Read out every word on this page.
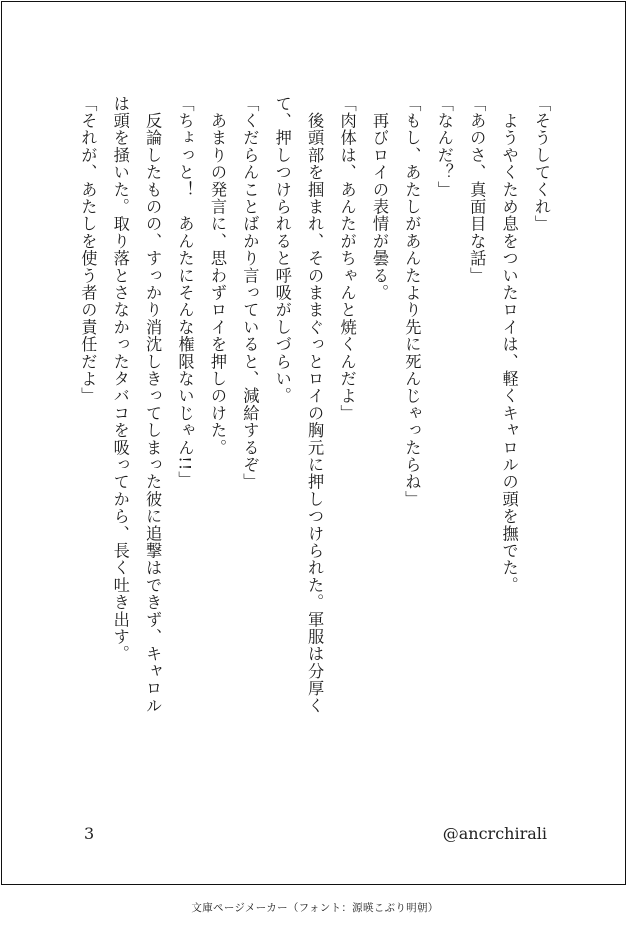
「そうしてくれ」
　ようやくため息をついたロイは、軽くキャロルの頭を撫でた。
「あのさ、真面目な話」
「なんだ？」
「もし、あたしがあんたより先に死んじゃったらね」
　再びロイの表情が曇る。
「肉体は、あんたがちゃんと焼くんだよ」
　後頭部を掴まれ、そのままぐっとロイの胸元に押しつけられた。軍服は分厚く
て、押しつけられると呼吸がしづらい。
「くだらんことばかり言っていると、減給するぞ」
　あまりの発言に、思わずロイを押しのけた。
「ちょっと！　あんたにそんな権限ないじゃん!!」
　反論したものの、すっかり消沈しきってしまった彼に追撃はできず、キャロル
は頭を掻いた。取り落とさなかったタバコを吸ってから、長く吐き出す。
「それが、あたしを使う者の責任だよ」
3	@ancrchirali
文庫ページメーカー（フォント：源暎こぶり明朝）
